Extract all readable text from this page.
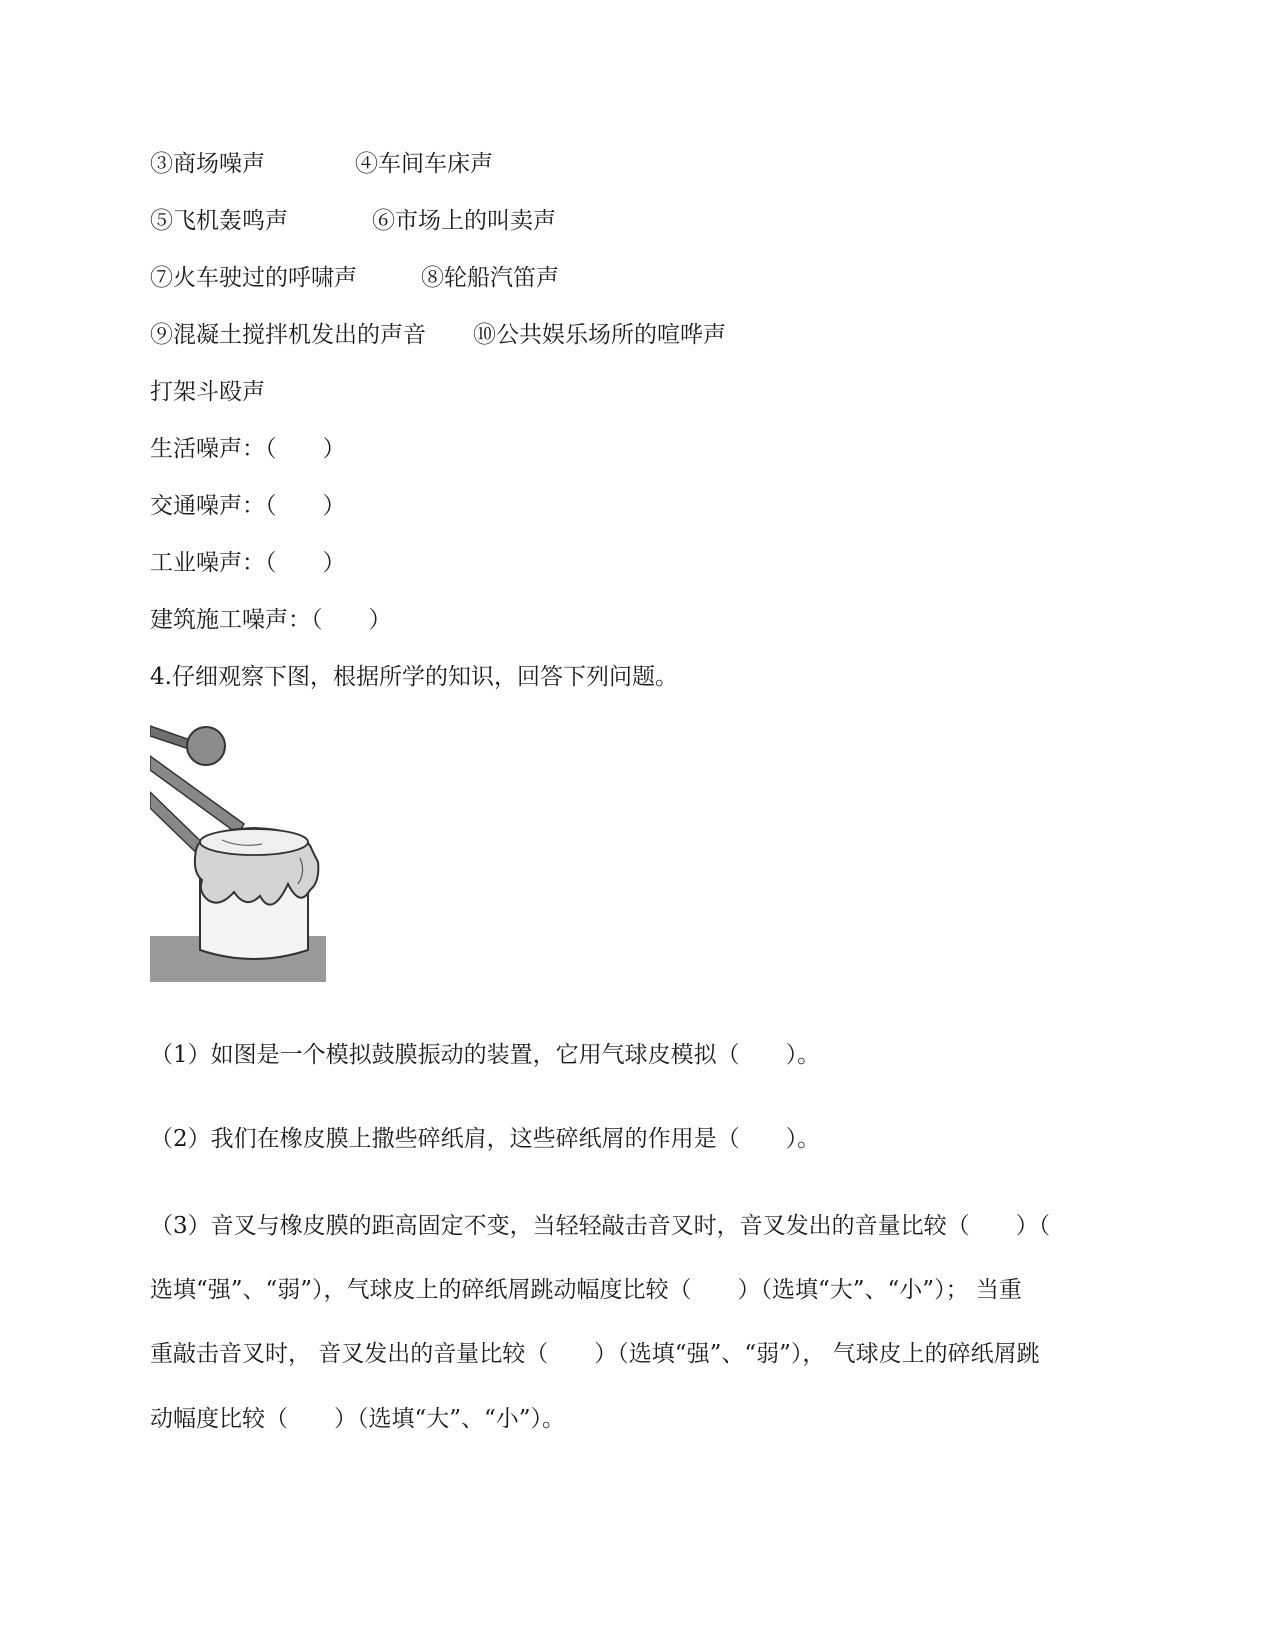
③商场噪声	④车间车床声
⑤飞机轰鸣声	⑥市场上的叫卖声
⑦火车驶过的呼啸声	⑧轮船汽笛声
⑨混凝土搅拌机发出的声音 ⑩公共娱乐场所的喧哗声
打架斗殴声
生活噪声：（　　）
交通噪声：（　　）
工业噪声：（　　）
建筑施工噪声：（　　）
4.仔细观察下图，根据所学的知识，回答下列问题。
（1）如图是一个模拟鼓膜振动的装置，它用气球皮模拟（　　）。
（2）我们在橡皮膜上撒些碎纸肩，这些碎纸屑的作用是（　　）。
（3）音叉与橡皮膜的距高固定不变，当轻轻敲击音叉时，音叉发出的音量比较（　　）（
选填“强”、“弱”），气球皮上的碎纸屑跳动幅度比较（　　）（选填“大”、“小”）； 当重
重敲击音叉时， 音叉发出的音量比较（　　）（选填“强”、“弱”）， 气球皮上的碎纸屑跳
动幅度比较（　　）（选填“大”、“小”）。
